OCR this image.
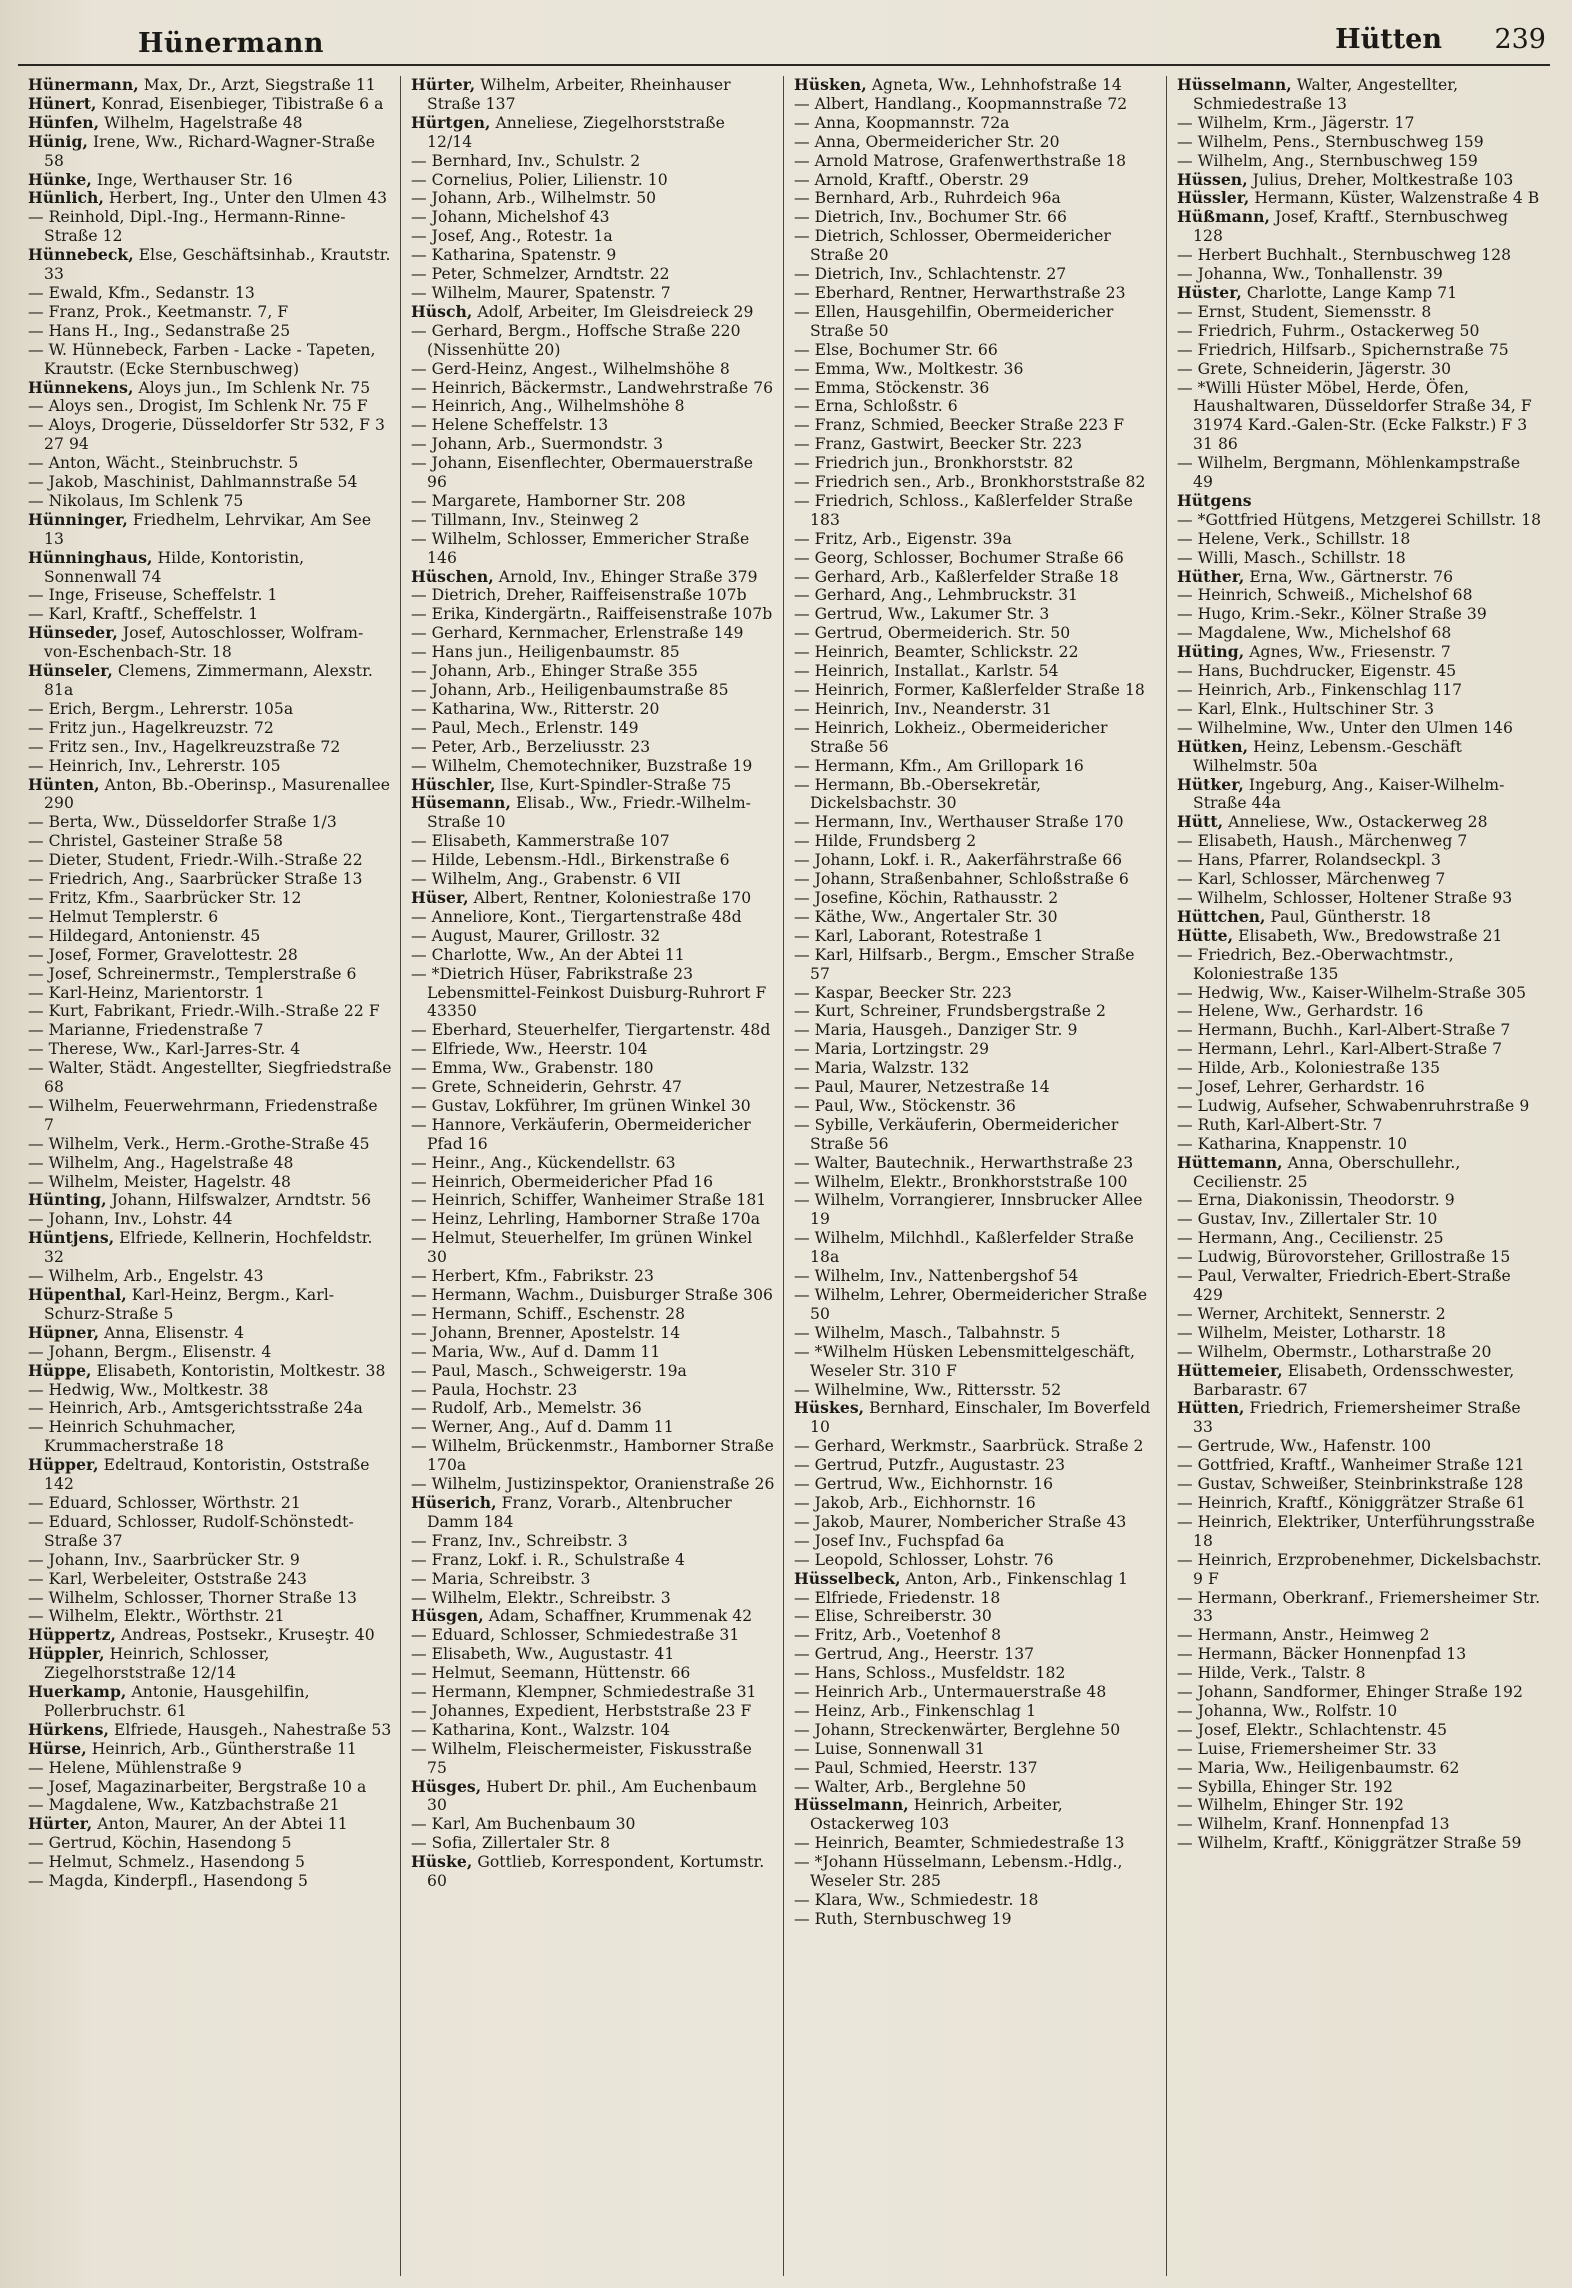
Hünermann	Hütten 239
Hünermann, Max, Dr., Arzt, Siegstraße 11
Hünert, Konrad, Eisenbieger, Tibistraße 6 a
Hünfen, Wilhelm, Hagelstraße 48
Hünig, Irene, Ww., Richard-Wagner-Straße 58
Hünke, Inge, Werthauser Str. 16
Hünlich, Herbert, Ing., Unter den Ulmen 43
— Reinhold, Dipl.-Ing., Hermann-Rinne-Straße 12
Hünnebeck, Else, Geschäftsinhab., Krautstr. 33
— Ewald, Kfm., Sedanstr. 13
— Franz, Prok., Keetmanstr. 7, F
— Hans H., Ing., Sedanstraße 25
— W. Hünnebeck, Farben - Lacke - Tapeten, Krautstr. (Ecke Sternbuschweg)
Hünnekens, Aloys jun., Im Schlenk Nr. 75
— Aloys sen., Drogist, Im Schlenk Nr. 75 F
— Aloys, Drogerie, Düsseldorfer Str 532, F 3 27 94
— Anton, Wächt., Steinbruchstr. 5
— Jakob, Maschinist, Dahlmannstraße 54
— Nikolaus, Im Schlenk 75
Hünninger, Friedhelm, Lehrvikar, Am See 13
Hünninghaus, Hilde, Kontoristin, Sonnenwall 74
— Inge, Friseuse, Scheffelstr. 1
— Karl, Kraftf., Scheffelstr. 1
Hünseder, Josef, Autoschlosser, Wolfram-von-Eschenbach-Str. 18
Hünseler, Clemens, Zimmermann, Alexstr. 81a
— Erich, Bergm., Lehrerstr. 105a
— Fritz jun., Hagelkreuzstr. 72
— Fritz sen., Inv., Hagelkreuzstraße 72
— Heinrich, Inv., Lehrerstr. 105
Hünten, Anton, Bb.-Oberinsp., Masurenallee 290
— Berta, Ww., Düsseldorfer Straße 1/3
— Christel, Gasteiner Straße 58
— Dieter, Student, Friedr.-Wilh.-Straße 22
— Friedrich, Ang., Saarbrücker Straße 13
— Fritz, Kfm., Saarbrücker Str. 12
— Helmut Templerstr. 6
— Hildegard, Antonienstr. 45
— Josef, Former, Gravelottestr. 28
— Josef, Schreinermstr., Templerstraße 6
— Karl-Heinz, Marientorstr. 1
— Kurt, Fabrikant, Friedr.-Wilh.-Straße 22 F
— Marianne, Friedenstraße 7
— Therese, Ww., Karl-Jarres-Str. 4
— Walter, Städt. Angestellter, Siegfriedstraße 68
— Wilhelm, Feuerwehrmann, Friedenstraße 7
— Wilhelm, Verk., Herm.-Grothe-Straße 45
— Wilhelm, Ang., Hagelstraße 48
— Wilhelm, Meister, Hagelstr. 48
Hünting, Johann, Hilfswalzer, Arndtstr. 56
— Johann, Inv., Lohstr. 44
Hüntjens, Elfriede, Kellnerin, Hochfeldstr. 32
— Wilhelm, Arb., Engelstr. 43
Hüpenthal, Karl-Heinz, Bergm., Karl-Schurz-Straße 5
Hüpner, Anna, Elisenstr. 4
— Johann, Bergm., Elisenstr. 4
Hüppe, Elisabeth, Kontoristin, Moltkestr. 38
— Hedwig, Ww., Moltkestr. 38
— Heinrich, Arb., Amtsgerichtsstraße 24a
— Heinrich Schuhmacher, Krummacherstraße 18
Hüpper, Edeltraud, Kontoristin, Oststraße 142
— Eduard, Schlosser, Wörthstr. 21
— Eduard, Schlosser, Rudolf-Schönstedt-Straße 37
— Johann, Inv., Saarbrücker Str. 9
— Karl, Werbeleiter, Oststraße 243
— Wilhelm, Schlosser, Thorner Straße 13
— Wilhelm, Elektr., Wörthstr. 21
Hüppertz, Andreas, Postsekr., Kruseştr. 40
Hüppler, Heinrich, Schlosser, Ziegelhorststraße 12/14
Huerkamp, Antonie, Hausgehilfin, Pollerbruchstr. 61
Hürkens, Elfriede, Hausgeh., Nahestraße 53
Hürse, Heinrich, Arb., Güntherstraße 11
— Helene, Mühlenstraße 9
— Josef, Magazinarbeiter, Bergstraße 10 a
— Magdalene, Ww., Katzbachstraße 21
Hürter, Anton, Maurer, An der Abtei 11
— Gertrud, Köchin, Hasendong 5
— Helmut, Schmelz., Hasendong 5
— Magda, Kinderpfl., Hasendong 5
Hürter, Wilhelm, Arbeiter, Rheinhauser Straße 137
Hürtgen, Anneliese, Ziegelhorststraße 12/14
— Bernhard, Inv., Schulstr. 2
— Cornelius, Polier, Lilienstr. 10
— Johann, Arb., Wilhelmstr. 50
— Johann, Michelshof 43
— Josef, Ang., Rotestr. 1a
— Katharina, Spatenstr. 9
— Peter, Schmelzer, Arndtstr. 22
— Wilhelm, Maurer, Spatenstr. 7
Hüsch, Adolf, Arbeiter, Im Gleisdreieck 29
— Gerhard, Bergm., Hoffsche Straße 220 (Nissenhütte 20)
— Gerd-Heinz, Angest., Wilhelmshöhe 8
— Heinrich, Bäckermstr., Landwehrstraße 76
— Heinrich, Ang., Wilhelmshöhe 8
— Helene Scheffelstr. 13
— Johann, Arb., Suermondstr. 3
— Johann, Eisenflechter, Obermauerstraße 96
— Margarete, Hamborner Str. 208
— Tillmann, Inv., Steinweg 2
— Wilhelm, Schlosser, Emmericher Straße 146
Hüschen, Arnold, Inv., Ehinger Straße 379
— Dietrich, Dreher, Raiffeisenstraße 107b
— Erika, Kindergärtn., Raiffeisenstraße 107b
— Gerhard, Kernmacher, Erlenstraße 149
— Hans jun., Heiligenbaumstr. 85
— Johann, Arb., Ehinger Straße 355
— Johann, Arb., Heiligenbaumstraße 85
— Katharina, Ww., Ritterstr. 20
— Paul, Mech., Erlenstr. 149
— Peter, Arb., Berzeliusstr. 23
— Wilhelm, Chemotechniker, Buzstraße 19
Hüschler, Ilse, Kurt-Spindler-Straße 75
Hüsemann, Elisab., Ww., Friedr.-Wilhelm-Straße 10
— Elisabeth, Kammerstraße 107
— Hilde, Lebensm.-Hdl., Birkenstraße 6
— Wilhelm, Ang., Grabenstr. 6 VII
Hüser, Albert, Rentner, Koloniestraße 170
— Anneliore, Kont., Tiergartenstraße 48d
— August, Maurer, Grillostr. 32
— Charlotte, Ww., An der Abtei 11
— *Dietrich Hüser, Fabrikstraße 23 Lebensmittel-Feinkost Duisburg-Ruhrort F 43350
— Eberhard, Steuerhelfer, Tiergartenstr. 48d
— Elfriede, Ww., Heerstr. 104
— Emma, Ww., Grabenstr. 180
— Grete, Schneiderin, Gehrstr. 47
— Gustav, Lokführer, Im grünen Winkel 30
— Hannore, Verkäuferin, Obermeidericher Pfad 16
— Heinr., Ang., Kückendellstr. 63
— Heinrich, Obermeidericher Pfad 16
— Heinrich, Schiffer, Wanheimer Straße 181
— Heinz, Lehrling, Hamborner Straße 170a
— Helmut, Steuerhelfer, Im grünen Winkel 30
— Herbert, Kfm., Fabrikstr. 23
— Hermann, Wachm., Duisburger Straße 306
— Hermann, Schiff., Eschenstr. 28
— Johann, Brenner, Apostelstr. 14
— Maria, Ww., Auf d. Damm 11
— Paul, Masch., Schweigerstr. 19a
— Paula, Hochstr. 23
— Rudolf, Arb., Memelstr. 36
— Werner, Ang., Auf d. Damm 11
— Wilhelm, Brückenmstr., Hamborner Straße 170a
— Wilhelm, Justizinspektor, Oranienstraße 26
Hüserich, Franz, Vorarb., Altenbrucher Damm 184
— Franz, Inv., Schreibstr. 3
— Franz, Lokf. i. R., Schulstraße 4
— Maria, Schreibstr. 3
— Wilhelm, Elektr., Schreibstr. 3
Hüsgen, Adam, Schaffner, Krummenak 42
— Eduard, Schlosser, Schmiedestraße 31
— Elisabeth, Ww., Augustastr. 41
— Helmut, Seemann, Hüttenstr. 66
— Hermann, Klempner, Schmiedestraße 31
— Johannes, Expedient, Herbststraße 23 F
— Katharina, Kont., Walzstr. 104
— Wilhelm, Fleischermeister, Fiskusstraße 75
Hüsges, Hubert Dr. phil., Am Euchenbaum 30
— Karl, Am Buchenbaum 30
— Sofia, Zillertaler Str. 8
Hüske, Gottlieb, Korrespondent, Kortumstr. 60
Hüsken, Agneta, Ww., Lehnhofstraße 14
— Albert, Handlang., Koopmannstraße 72
— Anna, Koopmannstr. 72a
— Anna, Obermeidericher Str. 20
— Arnold Matrose, Grafenwerthstraße 18
— Arnold, Kraftf., Oberstr. 29
— Bernhard, Arb., Ruhrdeich 96a
— Dietrich, Inv., Bochumer Str. 66
— Dietrich, Schlosser, Obermeidericher Straße 20
— Dietrich, Inv., Schlachtenstr. 27
— Eberhard, Rentner, Herwarthstraße 23
— Ellen, Hausgehilfin, Obermeidericher Straße 50
— Else, Bochumer Str. 66
— Emma, Ww., Moltkestr. 36
— Emma, Stöckenstr. 36
— Erna, Schloßstr. 6
— Franz, Schmied, Beecker Straße 223 F
— Franz, Gastwirt, Beecker Str. 223
— Friedrich jun., Bronkhorststr. 82
— Friedrich sen., Arb., Bronkhorststraße 82
— Friedrich, Schloss., Kaßlerfelder Straße 183
— Fritz, Arb., Eigenstr. 39a
— Georg, Schlosser, Bochumer Straße 66
— Gerhard, Arb., Kaßlerfelder Straße 18
— Gerhard, Ang., Lehmbruckstr. 31
— Gertrud, Ww., Lakumer Str. 3
— Gertrud, Obermeiderich. Str. 50
— Heinrich, Beamter, Schlickstr. 22
— Heinrich, Installat., Karlstr. 54
— Heinrich, Former, Kaßlerfelder Straße 18
— Heinrich, Inv., Neanderstr. 31
— Heinrich, Lokheiz., Obermeidericher Straße 56
— Hermann, Kfm., Am Grillopark 16
— Hermann, Bb.-Obersekretär, Dickelsbachstr. 30
— Hermann, Inv., Werthauser Straße 170
— Hilde, Frundsberg 2
— Johann, Lokf. i. R., Aakerfährstraße 66
— Johann, Straßenbahner, Schloßstraße 6
— Josefine, Köchin, Rathausstr. 2
— Käthe, Ww., Angertaler Str. 30
— Karl, Laborant, Rotestraße 1
— Karl, Hilfsarb., Bergm., Emscher Straße 57
— Kaspar, Beecker Str. 223
— Kurt, Schreiner, Frundsbergstraße 2
— Maria, Hausgeh., Danziger Str. 9
— Maria, Lortzingstr. 29
— Maria, Walzstr. 132
— Paul, Maurer, Netzestraße 14
— Paul, Ww., Stöckenstr. 36
— Sybille, Verkäuferin, Obermeidericher Straße 56
— Walter, Bautechnik., Herwarthstraße 23
— Wilhelm, Elektr., Bronkhorststraße 100
— Wilhelm, Vorrangierer, Innsbrucker Allee 19
— Wilhelm, Milchhdl., Kaßlerfelder Straße 18a
— Wilhelm, Inv., Nattenbergshof 54
— Wilhelm, Lehrer, Obermeidericher Straße 50
— Wilhelm, Masch., Talbahnstr. 5
— *Wilhelm Hüsken Lebensmittelgeschäft, Weseler Str. 310 F
— Wilhelmine, Ww., Rittersstr. 52
Hüskes, Bernhard, Einschaler, Im Boverfeld 10
— Gerhard, Werkmstr., Saarbrück. Straße 2
— Gertrud, Putzfr., Augustastr. 23
— Gertrud, Ww., Eichhornstr. 16
— Jakob, Arb., Eichhornstr. 16
— Jakob, Maurer, Nombericher Straße 43
— Josef Inv., Fuchspfad 6a
— Leopold, Schlosser, Lohstr. 76
Hüsselbeck, Anton, Arb., Finkenschlag 1
— Elfriede, Friedenstr. 18
— Elise, Schreiberstr. 30
— Fritz, Arb., Voetenhof 8
— Gertrud, Ang., Heerstr. 137
— Hans, Schloss., Musfeldstr. 182
— Heinrich Arb., Untermauerstraße 48
— Heinz, Arb., Finkenschlag 1
— Johann, Streckenwärter, Berglehne 50
— Luise, Sonnenwall 31
— Paul, Schmied, Heerstr. 137
— Walter, Arb., Berglehne 50
Hüsselmann, Heinrich, Arbeiter, Ostackerweg 103
— Heinrich, Beamter, Schmiedestraße 13
— *Johann Hüsselmann, Lebensm.-Hdlg., Weseler Str. 285
— Klara, Ww., Schmiedestr. 18
— Ruth, Sternbuschweg 19
Hüsselmann, Walter, Angestellter, Schmiedestraße 13
— Wilhelm, Krm., Jägerstr. 17
— Wilhelm, Pens., Sternbuschweg 159
— Wilhelm, Ang., Sternbuschweg 159
Hüssen, Julius, Dreher, Moltkestraße 103
Hüssler, Hermann, Küster, Walzenstraße 4 B
Hüßmann, Josef, Kraftf., Sternbuschweg 128
— Herbert Buchhalt., Sternbuschweg 128
— Johanna, Ww., Tonhallenstr. 39
Hüster, Charlotte, Lange Kamp 71
— Ernst, Student, Siemensstr. 8
— Friedrich, Fuhrm., Ostackerweg 50
— Friedrich, Hilfsarb., Spichernstraße 75
— Grete, Schneiderin, Jägerstr. 30
— *Willi Hüster Möbel, Herde, Öfen, Haushaltwaren, Düsseldorfer Straße 34, F 31974 Kard.-Galen-Str. (Ecke Falkstr.) F 3 31 86
— Wilhelm, Bergmann, Möhlenkampstraße 49
Hütgens
— *Gottfried Hütgens, Metzgerei Schillstr. 18
— Helene, Verk., Schillstr. 18
— Willi, Masch., Schillstr. 18
Hüther, Erna, Ww., Gärtnerstr. 76
— Heinrich, Schweiß., Michelshof 68
— Hugo, Krim.-Sekr., Kölner Straße 39
— Magdalene, Ww., Michelshof 68
Hüting, Agnes, Ww., Friesenstr. 7
— Hans, Buchdrucker, Eigenstr. 45
— Heinrich, Arb., Finkenschlag 117
— Karl, Elnk., Hultschiner Str. 3
— Wilhelmine, Ww., Unter den Ulmen 146
Hütken, Heinz, Lebensm.-Geschäft Wilhelmstr. 50a
Hütker, Ingeburg, Ang., Kaiser-Wilhelm-Straße 44a
Hütt, Anneliese, Ww., Ostackerweg 28
— Elisabeth, Haush., Märchenweg 7
— Hans, Pfarrer, Rolandseckpl. 3
— Karl, Schlosser, Märchenweg 7
— Wilhelm, Schlosser, Holtener Straße 93
Hüttchen, Paul, Güntherstr. 18
Hütte, Elisabeth, Ww., Bredowstraße 21
— Friedrich, Bez.-Oberwachtmstr., Koloniestraße 135
— Hedwig, Ww., Kaiser-Wilhelm-Straße 305
— Helene, Ww., Gerhardstr. 16
— Hermann, Buchh., Karl-Albert-Straße 7
— Hermann, Lehrl., Karl-Albert-Straße 7
— Hilde, Arb., Koloniestraße 135
— Josef, Lehrer, Gerhardstr. 16
— Ludwig, Aufseher, Schwabenruhrstraße 9
— Ruth, Karl-Albert-Str. 7
— Katharina, Knappenstr. 10
Hüttemann, Anna, Oberschullehr., Cecilienstr. 25
— Erna, Diakonissin, Theodorstr. 9
— Gustav, Inv., Zillertaler Str. 10
— Hermann, Ang., Cecilienstr. 25
— Ludwig, Bürovorsteher, Grillostraße 15
— Paul, Verwalter, Friedrich-Ebert-Straße 429
— Werner, Architekt, Sennerstr. 2
— Wilhelm, Meister, Lotharstr. 18
— Wilhelm, Obermstr., Lotharstraße 20
Hüttemeier, Elisabeth, Ordensschwester, Barbarastr. 67
Hütten, Friedrich, Friemersheimer Straße 33
— Gertrude, Ww., Hafenstr. 100
— Gottfried, Kraftf., Wanheimer Straße 121
— Gustav, Schweißer, Steinbrinkstraße 128
— Heinrich, Kraftf., Königgrätzer Straße 61
— Heinrich, Elektriker, Unterführungsstraße 18
— Heinrich, Erzprobenehmer, Dickelsbachstr. 9 F
— Hermann, Oberkranf., Friemersheimer Str. 33
— Hermann, Anstr., Heimweg 2
— Hermann, Bäcker Honnenpfad 13
— Hilde, Verk., Talstr. 8
— Johann, Sandformer, Ehinger Straße 192
— Johanna, Ww., Rolfstr. 10
— Josef, Elektr., Schlachtenstr. 45
— Luise, Friemersheimer Str. 33
— Maria, Ww., Heiligenbaumstr. 62
— Sybilla, Ehinger Str. 192
— Wilhelm, Ehinger Str. 192
— Wilhelm, Kranf. Honnenpfad 13
— Wilhelm, Kraftf., Königgrätzer Straße 59
